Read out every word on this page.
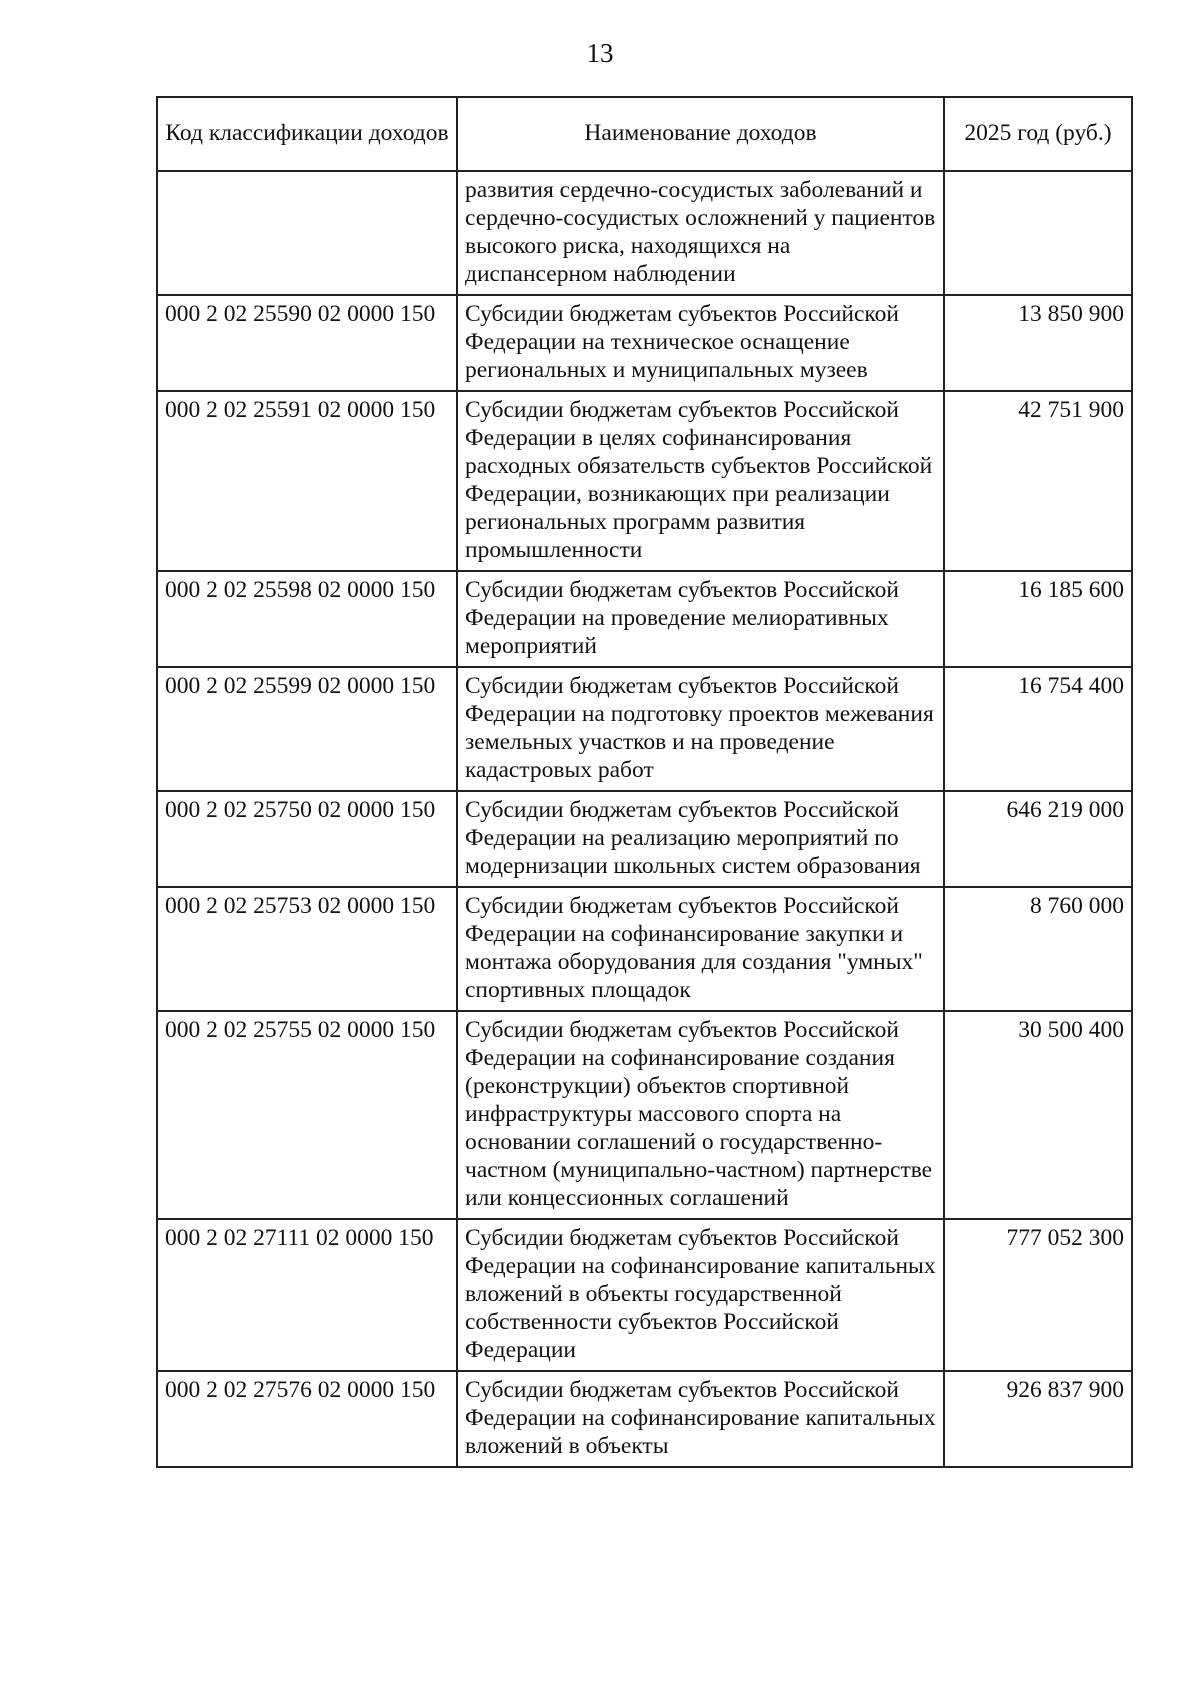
13
Код классификации доходов	Наименование доходов	2025 год (руб.)
	развития сердечно-сосудистых заболеваний и сердечно-сосудистых осложнений у пациентов высокого риска, находящихся на диспансерном наблюдении	
000 2 02 25590 02 0000 150	Субсидии бюджетам субъектов Российской Федерации на техническое оснащение региональных и муниципальных музеев	13 850 900
000 2 02 25591 02 0000 150	Субсидии бюджетам субъектов Российской Федерации в целях софинансирования расходных обязательств субъектов Российской Федерации, возникающих при реализации региональных программ развития промышленности	42 751 900
000 2 02 25598 02 0000 150	Субсидии бюджетам субъектов Российской Федерации на проведение мелиоративных мероприятий	16 185 600
000 2 02 25599 02 0000 150	Субсидии бюджетам субъектов Российской Федерации на подготовку проектов межевания земельных участков и на проведение кадастровых работ	16 754 400
000 2 02 25750 02 0000 150	Субсидии бюджетам субъектов Российской Федерации на реализацию мероприятий по модернизации школьных систем образования	646 219 000
000 2 02 25753 02 0000 150	Субсидии бюджетам субъектов Российской Федерации на софинансирование закупки и монтажа оборудования для создания "умных" спортивных площадок	8 760 000
000 2 02 25755 02 0000 150	Субсидии бюджетам субъектов Российской Федерации на софинансирование создания (реконструкции) объектов спортивной инфраструктуры массового спорта на основании соглашений о государственно-частном (муниципально-частном) партнерстве или концессионных соглашений	30 500 400
000 2 02 27111 02 0000 150	Субсидии бюджетам субъектов Российской Федерации на софинансирование капитальных вложений в объекты государственной собственности субъектов Российской Федерации	777 052 300
000 2 02 27576 02 0000 150	Субсидии бюджетам субъектов Российской Федерации на софинансирование капитальных вложений в объекты	926 837 900
